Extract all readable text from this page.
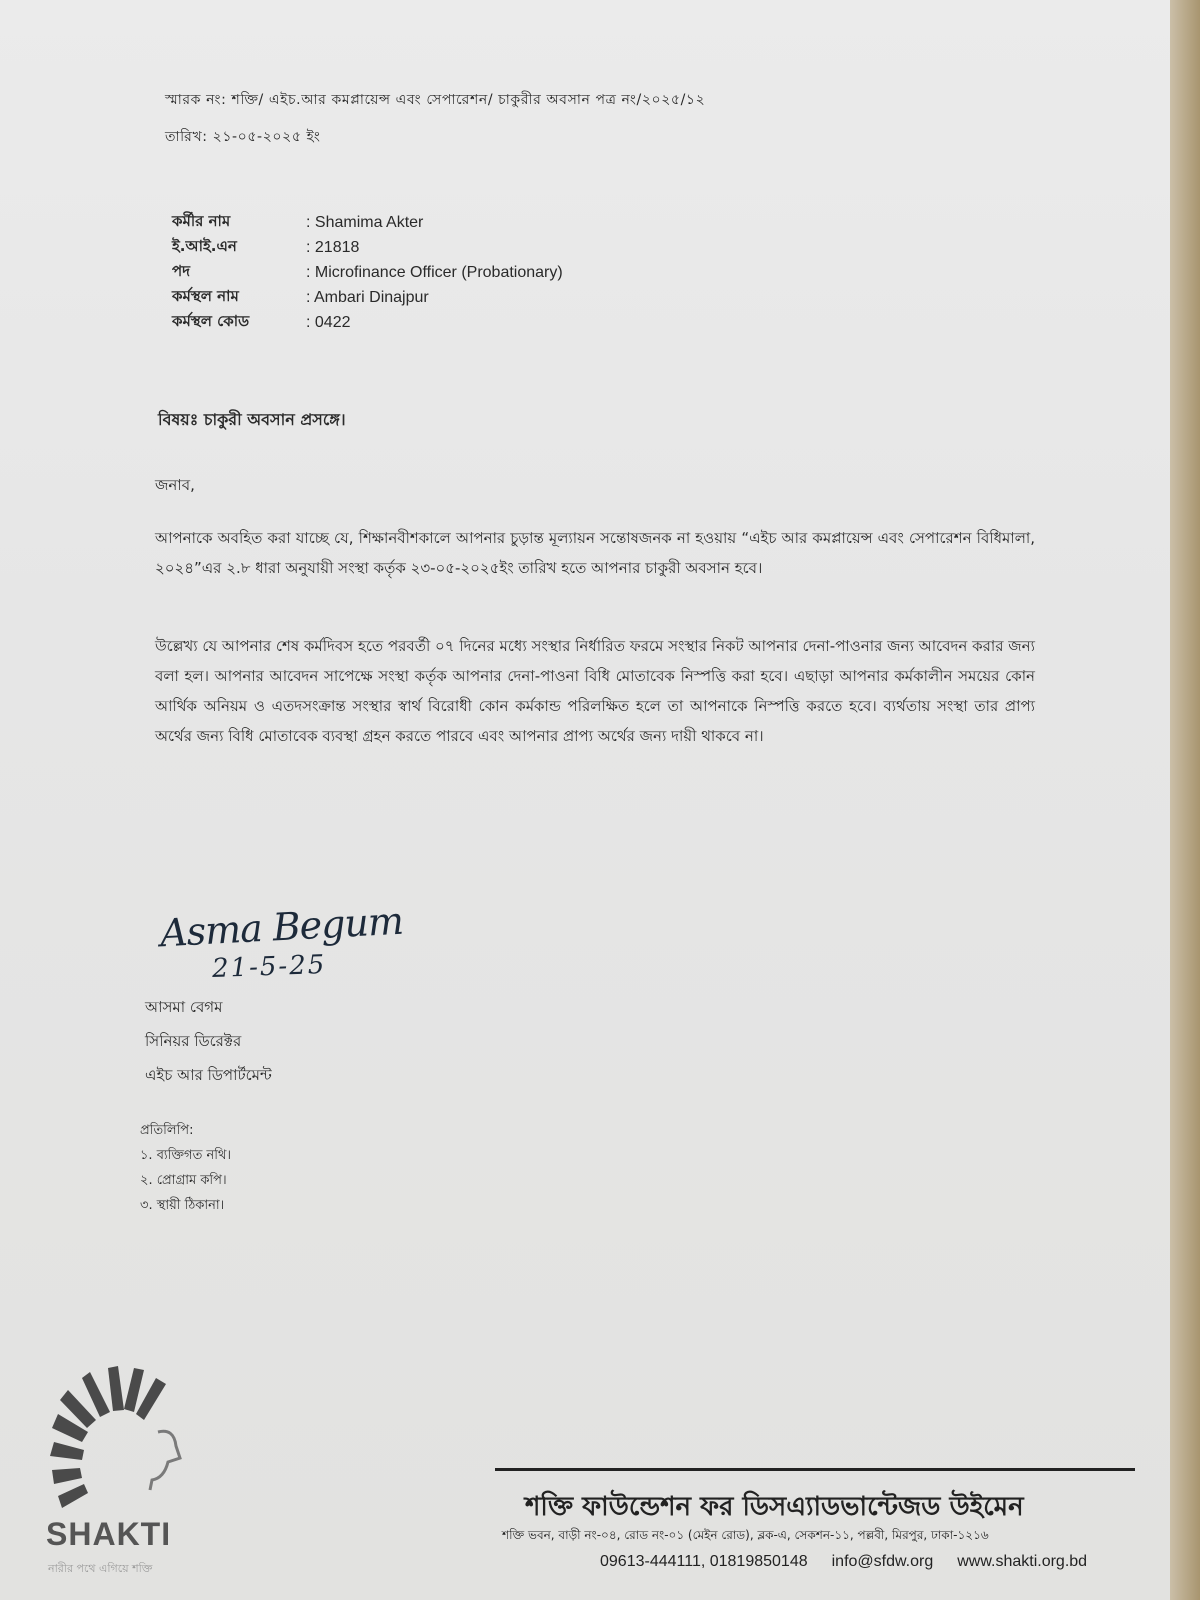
স্মারক নং: শক্তি/ এইচ.আর কমপ্লায়েন্স এবং সেপারেশন/ চাকুরীর অবসান পত্র নং/২০২৫/১২
তারিখ: ২১-০৫-২০২৫ ইং
কর্মীর নাম	: Shamima Akter
ই.আই.এন	: 21818
পদ	: Microfinance Officer (Probationary)
কর্মস্থল নাম	: Ambari Dinajpur
কর্মস্থল কোড	: 0422
বিষয়ঃ চাকুরী অবসান প্রসঙ্গে।
জনাব,
আপনাকে অবহিত করা যাচ্ছে যে, শিক্ষানবীশকালে আপনার চুড়ান্ত মূল্যায়ন সন্তোষজনক না হওয়ায় “এইচ আর কমপ্লায়েন্স এবং সেপারেশন বিধিমালা, ২০২৪”এর ২.৮ ধারা অনুযায়ী সংস্থা কর্তৃক ২৩-০৫-২০২৫ইং তারিখ হতে আপনার চাকুরী অবসান হবে।
উল্লেখ্য যে আপনার শেষ কর্মদিবস হতে পরবর্তী ০৭ দিনের মধ্যে সংস্থার নির্ধারিত ফরমে সংস্থার নিকট আপনার দেনা-পাওনার জন্য আবেদন করার জন্য বলা হল। আপনার আবেদন সাপেক্ষে সংস্থা কর্তৃক আপনার দেনা-পাওনা বিধি মোতাবেক নিস্পত্তি করা হবে। এছাড়া আপনার কর্মকালীন সময়ের কোন আর্থিক অনিয়ম ও এতদসংক্রান্ত সংস্থার স্বার্থ বিরোধী কোন কর্মকান্ড পরিলক্ষিত হলে তা আপনাকে নিস্পত্তি করতে হবে। ব্যর্থতায় সংস্থা তার প্রাপ্য অর্থের জন্য বিধি মোতাবেক ব্যবস্থা গ্রহন করতে পারবে এবং আপনার প্রাপ্য অর্থের জন্য দায়ী থাকবে না।
Asma Begum
21-5-25
আসমা বেগম
সিনিয়র ডিরেক্টর
এইচ আর ডিপার্টমেন্ট
প্রতিলিপি:
১. ব্যক্তিগত নথি।
২. প্রোগ্রাম কপি।
৩. স্থায়ী ঠিকানা।
SHAKTI
নারীর পথে এগিয়ে শক্তি
শক্তি ফাউন্ডেশন ফর ডিসএ্যাডভান্টেজড উইমেন
শক্তি ভবন, বাড়ী নং-০৪, রোড নং-০১ (মেইন রোড), ব্লক-এ, সেকশন-১১, পল্লবী, মিরপুর, ঢাকা-১২১৬
09613-444111, 01819850148 info@sfdw.org www.shakti.org.bd
